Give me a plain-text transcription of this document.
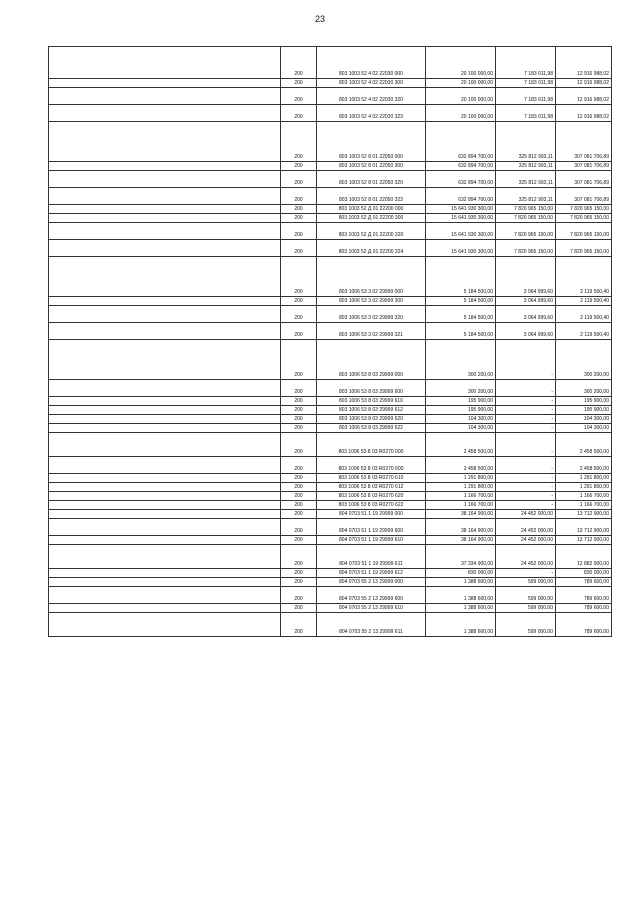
23
	200	803 1003 52 4 02 22030 000	20 100 000,00	7 183 011,98	12 916 988,02
	200	803 1003 52 4 02 22030 300	20 100 000,00	7 183 011,98	12 916 988,02
	200	803 1003 52 4 02 22030 320	20 100 000,00	7 183 011,98	12 916 988,02
	200	803 1003 52 4 02 22030 323	20 100 000,00	7 183 011,98	12 916 988,02
	200	803 1003 52 8 01 22050 000	632 894 700,00	325 812 993,11	307 081 706,89
	200	803 1003 52 8 01 22050 300	632 894 700,00	325 812 993,11	307 081 706,89
	200	803 1003 52 8 01 22050 320	632 894 700,00	325 812 993,11	307 081 706,89
	200	803 1003 52 8 01 22050 323	632 894 700,00	325 812 993,11	307 081 706,89
	200	803 1003 52 Д 01 22200 000	15 641 930 300,00	7 820 965 150,00	7 820 965 150,00
	200	803 1003 52 Д 01 22200 300	15 641 930 300,00	7 820 965 150,00	7 820 965 150,00
	200	803 1003 52 Д 01 22200 320	15 641 930 300,00	7 820 965 150,00	7 820 965 150,00
	200	803 1003 52 Д 01 22200 324	15 641 930 300,00	7 820 965 150,00	7 820 965 150,00
	200	803 1006 53 3 02 29999 000	5 184 500,00	3 064 999,60	2 119 500,40
	200	803 1006 53 3 02 29999 300	5 184 500,00	3 064 999,60	2 119 500,40
	200	803 1006 53 3 02 29999 320	5 184 500,00	3 064 999,60	2 119 500,40
	200	803 1006 53 3 02 29999 321	5 184 500,00	3 064 999,60	2 119 500,40
	200	803 1006 53 8 03 29999 000	300 200,00	-	300 200,00
	200	803 1006 53 8 03 29999 600	300 200,00	-	300 200,00
	200	803 1006 53 8 03 29999 610	195 900,00	-	195 900,00
	200	803 1006 53 8 03 29999 612	195 900,00	-	195 900,00
	200	803 1006 53 8 03 29999 620	104 300,00	-	104 300,00
	200	803 1006 53 8 03 29999 622	104 300,00	-	104 300,00
	200	803 1006 53 8 03 R0270 000	2 458 500,00	-	2 458 500,00
	200	803 1006 53 8 03 R0270 600	2 458 500,00	-	2 458 500,00
	200	803 1006 53 8 03 R0270 610	1 291 800,00	-	1 291 800,00
	200	803 1006 53 8 03 R0270 612	1 291 800,00	-	1 291 800,00
	200	803 1006 53 8 03 R0270 620	1 166 700,00	-	1 166 700,00
	200	803 1006 53 8 03 R0270 622	1 166 700,00	-	1 166 700,00
	200	804 0703 51 1 19 29999 000	38 164 900,00	24 452 000,00	13 712 900,00
	200	804 0703 51 1 19 29999 600	38 164 900,00	24 452 000,00	13 712 900,00
	200	804 0703 51 1 19 29999 610	38 164 900,00	24 452 000,00	13 712 900,00
	200	804 0703 51 1 19 29999 611	37 334 900,00	24 452 000,00	12 882 900,00
	200	804 0703 51 1 19 29999 612	830 000,00	-	830 000,00
	200	804 0703 55 2 13 29999 000	1 388 600,00	599 000,00	789 600,00
	200	804 0703 55 2 13 29999 600	1 388 600,00	599 000,00	789 600,00
	200	804 0703 55 2 13 29999 610	1 388 600,00	599 000,00	789 600,00
	200	804 0703 55 2 13 29999 611	1 388 600,00	599 000,00	789 600,00
